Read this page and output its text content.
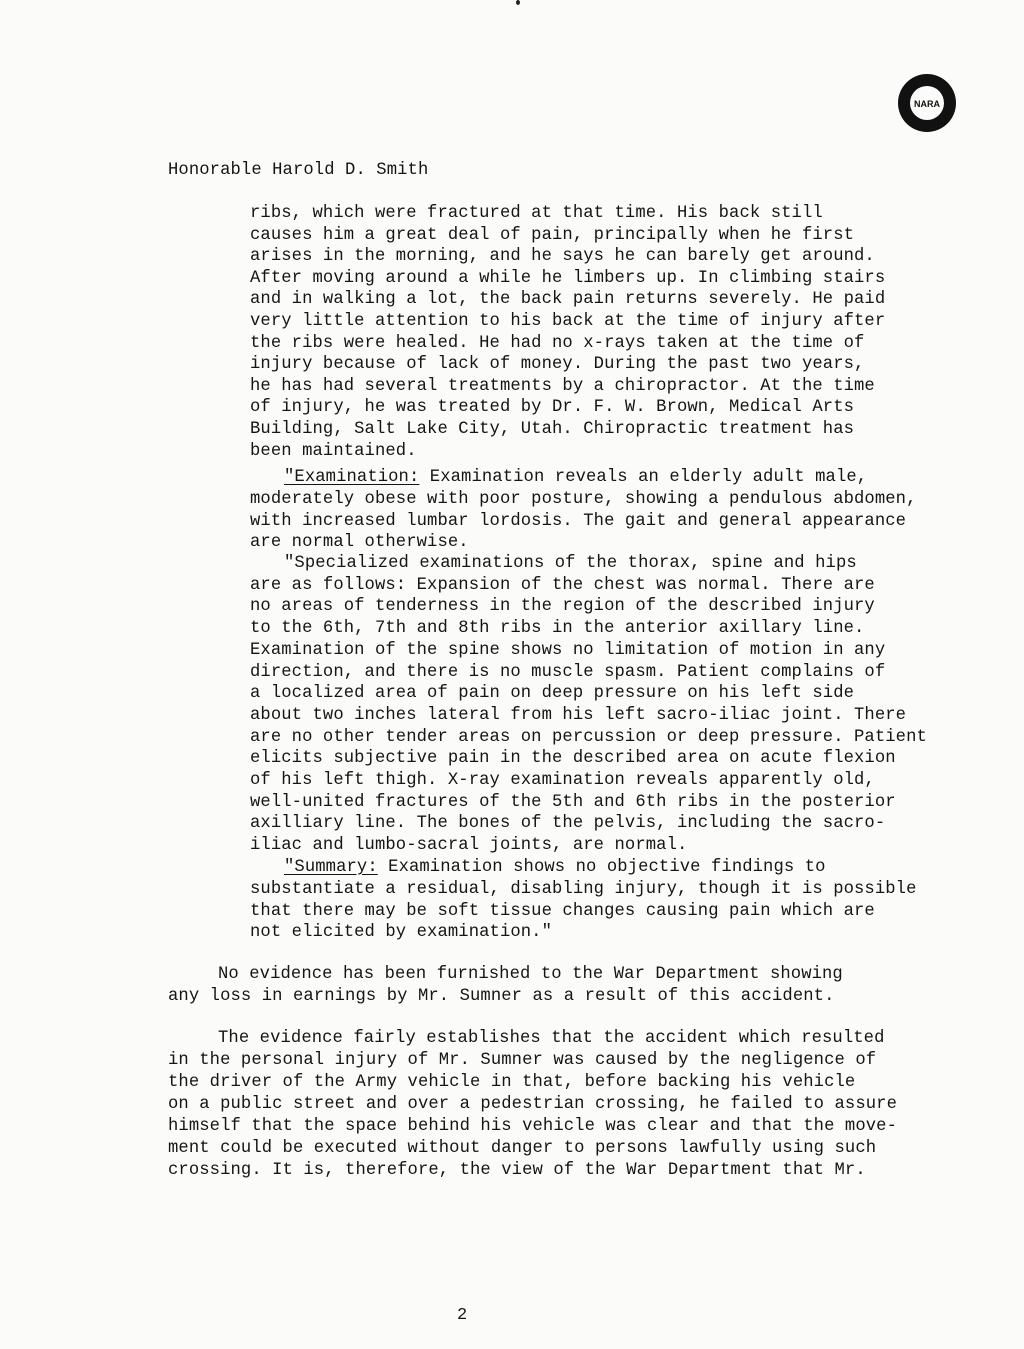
NARA
Honorable Harold D. Smith
ribs, which were fractured at that time. His back still
causes him a great deal of pain, principally when he first
arises in the morning, and he says he can barely get around.
After moving around a while he limbers up. In climbing stairs
and in walking a lot, the back pain returns severely. He paid
very little attention to his back at the time of injury after
the ribs were healed. He had no x-rays taken at the time of
injury because of lack of money. During the past two years,
he has had several treatments by a chiropractor. At the time
of injury, he was treated by Dr. F. W. Brown, Medical Arts
Building, Salt Lake City, Utah. Chiropractic treatment has
been maintained.
"Examination: Examination reveals an elderly adult male,
moderately obese with poor posture, showing a pendulous abdomen,
with increased lumbar lordosis. The gait and general appearance
are normal otherwise.
"Specialized examinations of the thorax, spine and hips
are as follows: Expansion of the chest was normal. There are
no areas of tenderness in the region of the described injury
to the 6th, 7th and 8th ribs in the anterior axillary line.
Examination of the spine shows no limitation of motion in any
direction, and there is no muscle spasm. Patient complains of
a localized area of pain on deep pressure on his left side
about two inches lateral from his left sacro-iliac joint. There
are no other tender areas on percussion or deep pressure. Patient
elicits subjective pain in the described area on acute flexion
of his left thigh. X-ray examination reveals apparently old,
well-united fractures of the 5th and 6th ribs in the posterior
axilliary line. The bones of the pelvis, including the sacro-
iliac and lumbo-sacral joints, are normal.
"Summary: Examination shows no objective findings to
substantiate a residual, disabling injury, though it is possible
that there may be soft tissue changes causing pain which are
not elicited by examination."
No evidence has been furnished to the War Department showing
any loss in earnings by Mr. Sumner as a result of this accident.
The evidence fairly establishes that the accident which resulted
in the personal injury of Mr. Sumner was caused by the negligence of
the driver of the Army vehicle in that, before backing his vehicle
on a public street and over a pedestrian crossing, he failed to assure
himself that the space behind his vehicle was clear and that the move-
ment could be executed without danger to persons lawfully using such
crossing. It is, therefore, the view of the War Department that Mr.
2
